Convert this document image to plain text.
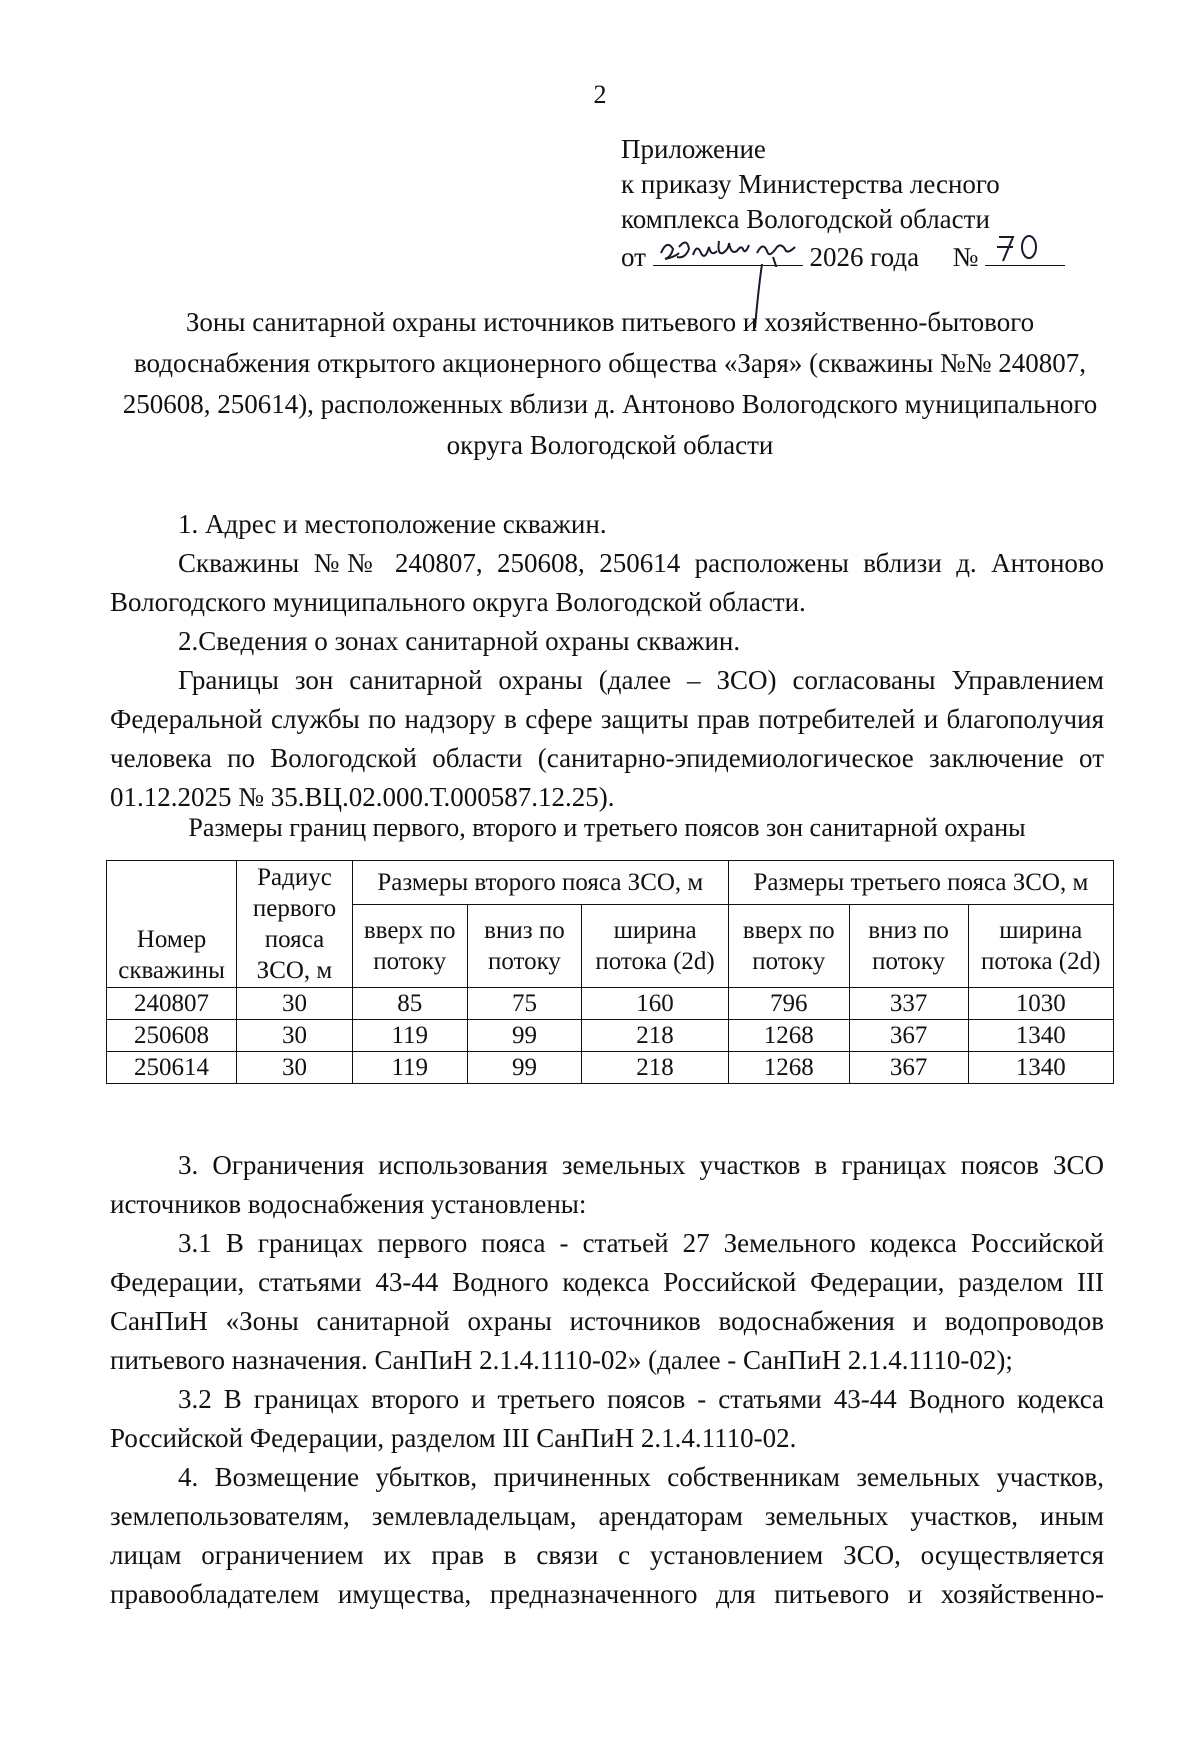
2
Приложение
к приказу Министерства лесного
комплекса Вологодской области
от	2026 года №
Зоны санитарной охраны источников питьевого и хозяйственно-бытового водоснабжения открытого акционерного общества «Заря» (скважины №№ 240807, 250608, 250614), расположенных вблизи д. Антоново Вологодского муниципального округа Вологодской области
1. Адрес и местоположение скважин.
Скважины №№ 240807, 250608, 250614 расположены вблизи д. Антоново Вологодского муниципального округа Вологодской области.
2.Сведения о зонах санитарной охраны скважин.
Границы зон санитарной охраны (далее – ЗСО) согласованы Управлением Федеральной службы по надзору в сфере защиты прав потребителей и благополучия человека по Вологодской области (санитарно-эпидемиологическое заключение от 01.12.2025 № 35.ВЦ.02.000.Т.000587.12.25).
Размеры границ первого, второго и третьего поясов зон санитарной охраны
Номер скважины	Радиус первого пояса ЗСО, м	Размеры второго пояса ЗСО, м			Размеры третьего пояса ЗСО, м		
		вверх по потоку	вниз по потоку	ширина потока (2d)	вверх по потоку	вниз по потоку	ширина потока (2d)
240807	30	85	75	160	796	337	1030
250608	30	119	99	218	1268	367	1340
250614	30	119	99	218	1268	367	1340
3. Ограничения использования земельных участков в границах поясов ЗСО источников водоснабжения установлены:
3.1 В границах первого пояса - статьей 27 Земельного кодекса Российской Федерации, статьями 43-44 Водного кодекса Российской Федерации, разделом III СанПиН «Зоны санитарной охраны источников водоснабжения и водопроводов питьевого назначения. СанПиН 2.1.4.1110-02» (далее - СанПиН 2.1.4.1110-02);
3.2 В границах второго и третьего поясов - статьями 43-44 Водного кодекса Российской Федерации, разделом III СанПиН 2.1.4.1110-02.
4. Возмещение убытков, причиненных собственникам земельных участков, землепользователям, землевладельцам, арендаторам земельных участков, иным лицам ограничением их прав в связи с установлением ЗСО, осуществляется правообладателем имущества, предназначенного для питьевого и хозяйственно-
